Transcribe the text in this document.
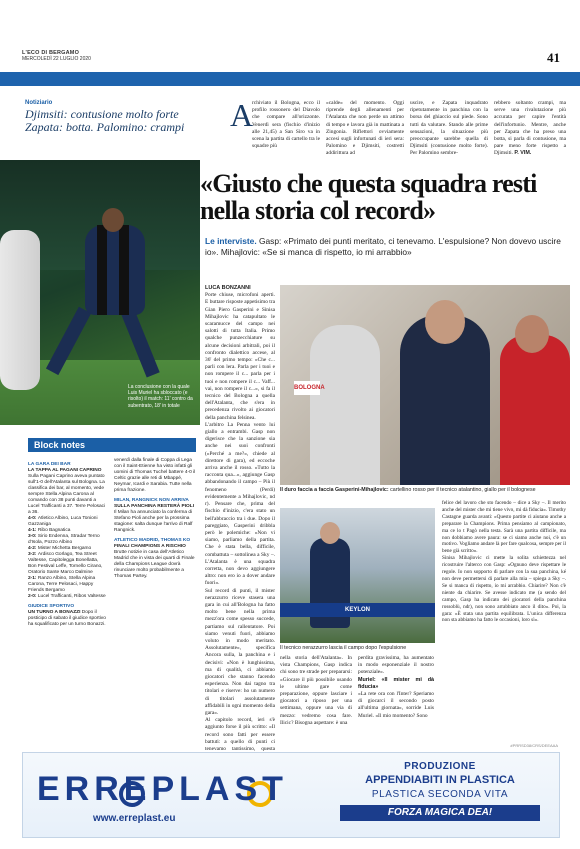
L'ECO DI BERGAMO
MERCOLEDÌ 22 LUGLIO 2020	41
Notiziario
Djimsiti: contusione molto forte Zapata: botta. Palomino: crampi	A
rchiviato il Bologna, ecco il profilo rossonero del Diavolo che compare all'orizzonte. Venerdì sera (fischio d'inizio alle 21,45) a San Siro va in scena la partita di cartello tra le squadre più
«calde» del momento. Oggi riprende degli allenamenti per l'Atalanta che non perde un attimo di tempo e lavora già in mattinata a Zingonia. Riflettori ovviamente accesi sugli infortunati di ieri sera: Palomino e Djimsiti, costretti addirittura ad
uscire, e Zapata inquadrato ripetutamente in panchina con la borsa del ghiaccio sul piede. Sono tutti da valutare. Stando alle prime sensazioni, la situazione più preoccupante sarebbe quella di Djimsiti (contusione molto forte). Per Palomino sembre-
rebbero soltanto crampi, ma serve una rivalutazione più accurata per capire l'entità dell'infortunio. Mentre, anche per Zapata che ha preso una botta, si parla di contusione, ma pare meno forte rispetto a Djimsiti. P. VIM.
«Giusto che questa squadra resti nella storia col record»
Le interviste. Gasp: «Primato dei punti meritato, ci tenevamo. L'espulsione? Non dovevo uscire io». Mihajlovic: «Se si manca di rispetto, io mi arrabbio»
La conclusione con la quale Luis Muriel ha sbloccato (e risolto) il match: 11' contro da subentrato, 18' in totale
LUCA BONZANNI
Porte chiuse, microfoni aperti. E buttare risposte appetisimo tra Gian Piero Gasperini e Sinisa Mihajlovic ha catapultato le scaramucce del campo nei salotti di tutta Italia. Primo qualche punzecchiature su alcune decisioni arbitrali, poi il confronto dialettico accese, al 36' del primo tempo: «Che c... parli con lera. Parla per i tuoi e non rompere il c... parla per i tuoi e non rompere il c... Vaff... vai, non rompere il c...», si fa il tecnico del Bologna a quella dell'Atalanta, che s'era in precedenza rivolto ai giocatori della panchina felsinea.
L'arbitro La Penna vento lui giallo a entrambi. Gasp non digerisce che la sanzione sia anche nei suoi confronti («Perché a me?», chiede al direttore di gara), ed eccoche arriva anche il rosso. «Tutto la racconta qua...», aggiunge Gasp abbandonando il campo – Più il fenomeno (Perdi) evidentemente a Mihajlovic, nd r). Pensare che, prima del fischio d'inizio, c'era stato un bell'abbraccio tra i due. Dopo il pareggiato, Gasperini dribbla però le polemiche: «Non vi siamo, parliamo della partita. Che è stata bella, difficile, combattuta – sottolinea a Sky –. L'Atalanta è una squadra corretta, non devo aggiungere altro: non ero io a dover andare fuori».
Sul record di punti, il mister nerazzurro riceve stasera una gara in cui all'Bologna ha fatto molto bene nella prima mezz'ora come spesso succede, partiamo sul rallentatore. Poi siamo venuti fuori, abbiamo voluto in modo meritato. Assolutamente», specifica Ancora sulla, la panchina e i decisivi: «Non è lunghissima, ma di qualità, ci abbiamo giocatori che stanno facendo esperienza. Non dai tagno tra titolari e riserve: ho un numero di titolari assolutamente affidabili in ogni momento della gara».
Al capitolo record, ieri s'è aggiunto forse il più scritto: «Il record sono fatti per essere battuti: a quello di punti ci tenevamo tantissimo, questa
BOLOGNA
Il duro faccia a faccia Gasperini-Mihajlovic: cartellino rosso per il tecnico atalantino, giallo per il bolognese
KEYLON
Il tecnico nerazzurro lascia il campo dopo l'espulsione
nella storia dell'Atalanta». In vista Champions, Gasp indica chi sono tre strade per prepararsi: «Giocare il più possibile usando le ultime gare come preparazione, oppure lasciare i giocatori a riposo per una settimana, oppure una via di mezzo: vedremo cosa fare. Ilicic? Bisogna aspettare: è una
perdita gravissima, ha aumentato in modo esponenziale il nostro potenziale».
Muriel: «Il mister mi dà fiducia»
«La rete ora con l'Inter? Speriamo di giocarci il secondo posto all'ultima giornata», sorride Luis Muriel. «Il mio momento? Sono
felice del lavoro che sto facendo – dice a Sky –. Il merito anche del mister che mi tiene vivo, mi dà fiducia». Timothy Castagne guarda avanti: «Questo partite ci aiutano anche a preparare la Champions. Prima pensiamo al campionato, ma ce lo t Pagò nella testa. Sarà una partita difficile, ma non dobbiamo avere paura: se ci siamo anche noi, c'è un motivo. Vogliamo andare là per fare qualcosa, sempre per il bene già scritto».
Sinisa Mihajlovic ci mette la solita schiettezza nel ricostruire l'alterco con Gasp: «Ognuno deve rispettare le regole. Io non sopporto di parlare con la sua panchina, ké non deve permettersi di parlare alla mia – spiega a Sky –. Se si manca di rispetto, io mi arrabbio. Chiarire? Non c'è niente da chiarire. Se avesse indicato me (a sendo del campo, Gasp ha indicato dei giocatori della panchina rossoblù, ndr), non sono arrabbiato anco il dito». Poi, la gara: «È stata una partita equilibrata. L'unica differenza non sta abbiamo ha fatto le occasioni, loro sì».
Block notes
LA GARA DEI BAR
LA TAPPA AL PAGANI CAPRINO Sulla Pagani Caprino aveva puntato sull'1-0 dell'Atalanta sul Bologna. La classifica dei bar, al momento, vede sempre Stella Alpina Carona al comando con 38 punti davanti a Lucel Trafficanti a 37. Terre Pelosaci a 36.
4-0: Atletico Albino, Luca Tonioni Gazzaniga
4-1: Ribo Bagnatica
3-0: Sirio Endenna, Stradar Terno d'Isola, Pozzo Albino
4-2: Mister Michetta Bergamo
3-2: Ardisco Gorlago, Tea Street Valtesse, Capitolegga Bonellatta, Bon Festival Leffe, Tornello Cirano, Oratorio Sante Marco Dalmine
2-1: Ranzo Albino, Stella Alpina Carona, Terre Pelosaci, Happy Friends Bergamo
2-0: Lucel Trafficanti, Ribos Valtesse
GIUDICE SPORTIVO
UN TURNO A BONAZZI Dopo il posticipo di sabato il giudice sportivo ha squalificato per un turno Bonazzi.
venerdì dalla finale di Coppa di Lega con il Saint-Etienne ha visto infatti gli uomini di Thomas Tuchel battere 4-0 il Celtic grazie alle reti di Mbappé, Neymar, Icardi e Sarabia. Tutte nella prima frazione.
MILAN, RANGNICK NON ARRIVA
SULLA PANCHINA RESTERÀ PIOLI Il Milan ha annunciato la conferma di Stefano Pioli anche per la prossima stagione: salta dunque l'arrivo di Ralf Rangnick.
ATLETICO MADRID, THOMAS KO
FINALI CHAMPIONS A RISCHIO Brutte notizie in casa dell'Atletico Madrid che in vista dei quarti di Finale della Champions League dovrà rinunciare molto probabilmente a Thomas Partey.
#PRRSD38/CRS/DEEAAA
ERREPLAST
www.erreplast.eu
PRODUZIONE
APPENDIABITI IN PLASTICA
PLASTICA SECONDA VITA
FORZA MAGICA DEA!
